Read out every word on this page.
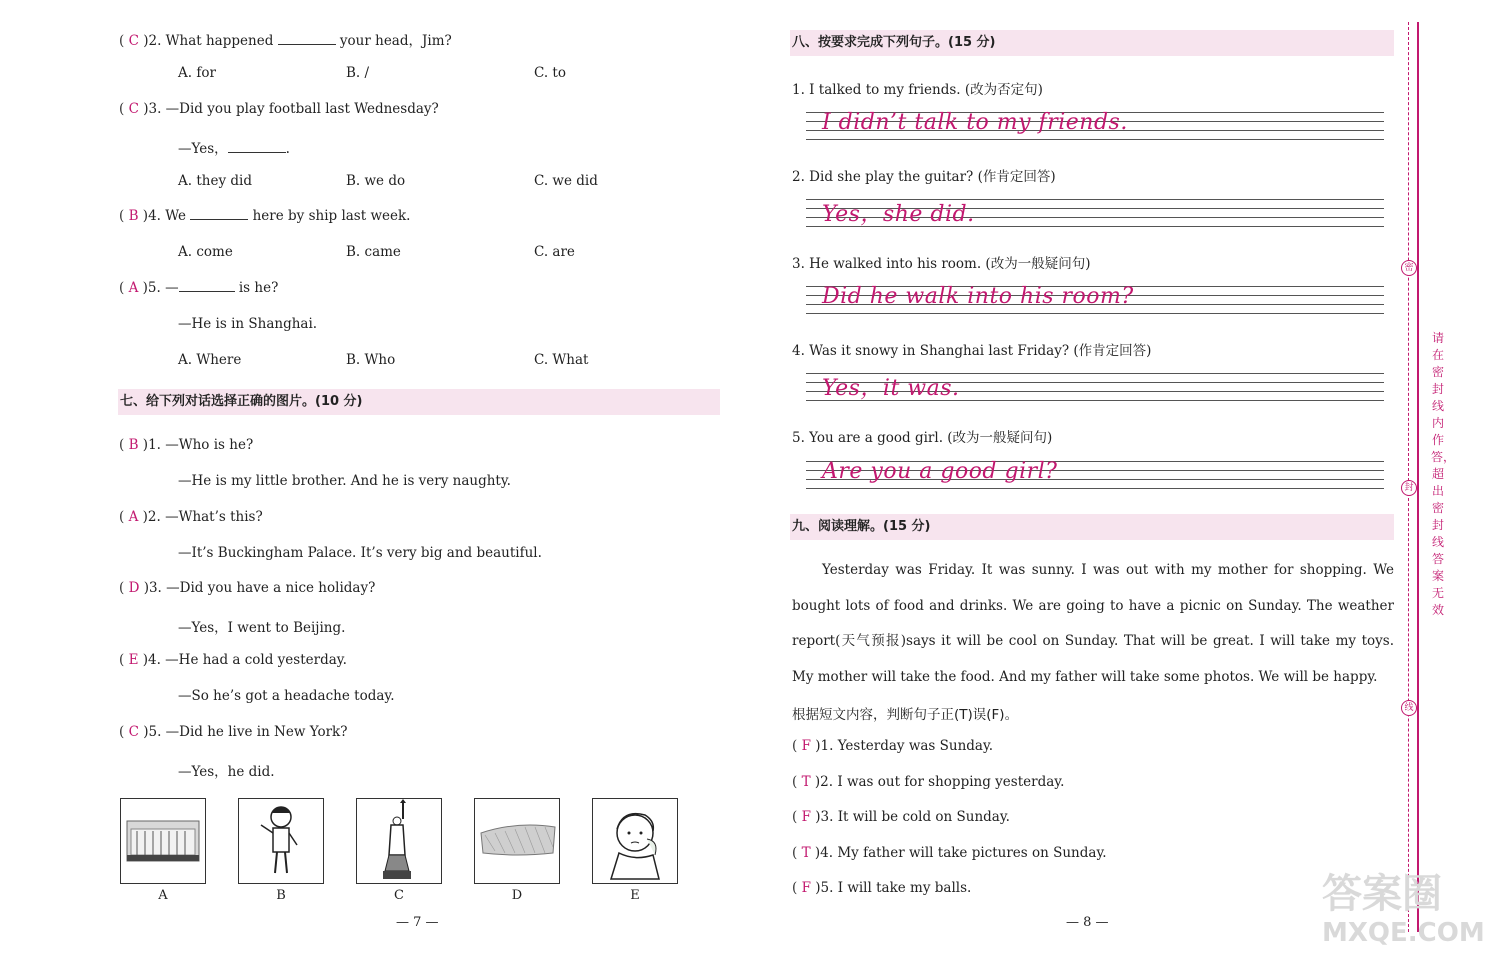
( C )2. What happened	your head，Jim?
A. for	B. /	C. to
( C )3. —Did you play football last Wednesday?
—Yes，	.
A. they did	B. we do	C. we did
( B )4. We	here by ship last week.
A. come	B. came	C. are
( A )5. —	is he?
—He is in Shanghai.
A. Where	B. Who	C. What
七、给下列对话选择正确的图片。(10 分)
( B )1. —Who is he?
—He is my little brother. And he is very naughty.
( A )2. —What’s this?
—It’s Buckingham Palace. It’s very big and beautiful.
( D )3. —Did you have a nice holiday?
—Yes，I went to Beijing.
( E )4. —He had a cold yesterday.
—So he’s got a headache today.
( C )5. —Did he live in New York?
—Yes，he did.
A	B	C	D	E
— 7 —
八、按要求完成下列句子。(15 分)
1. I talked to my friends. (改为否定句)
I didn’t talk to my friends.
2. Did she play the guitar? (作肯定回答)
Yes，she did.
3. He walked into his room. (改为一般疑问句)
Did he walk into his room?
4. Was it snowy in Shanghai last Friday? (作肯定回答)
Yes，it was.
5. You are a good girl. (改为一般疑问句)
Are you a good girl?
九、阅读理解。(15 分)
Yesterday was Friday. It was sunny. I was out with my mother for shopping. We bought lots of food and drinks. We are going to have a picnic on Sunday. The weather report(天气预报)says it will be cool on Sunday. That will be great. I will take my toys. My mother will take the food. And my father will take some photos. We will be happy.
根据短文内容，判断句子正(T)误(F)。
( F )1. Yesterday was Sunday.
( T )2. I was out for shopping yesterday.
( F )3. It will be cold on Sunday.
( T )4. My father will take pictures on Sunday.
( F )5. I will take my balls.
— 8 —
密
封
线
请在密封线内作答，超出密封线答案无效
答案圈
MXQE.COM
